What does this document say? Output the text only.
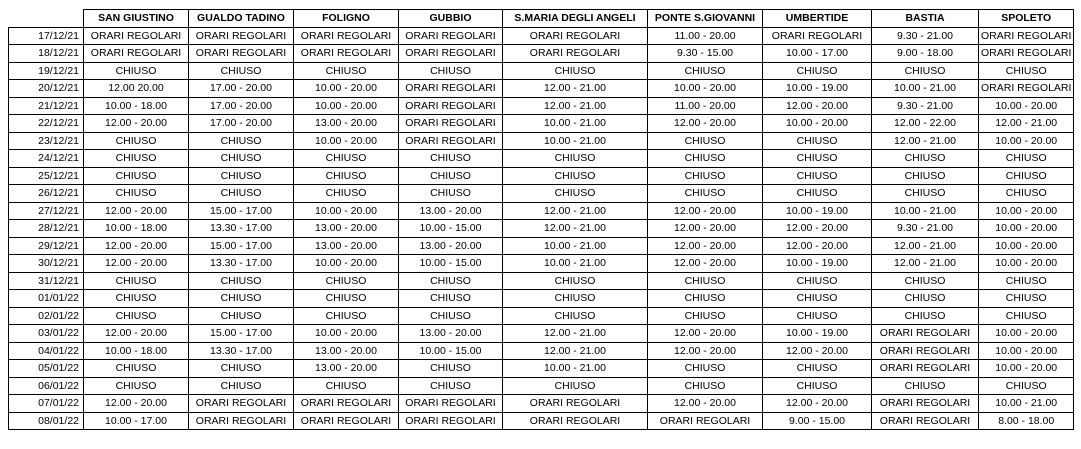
	SAN GIUSTINO	GUALDO TADINO	FOLIGNO	GUBBIO	S.MARIA DEGLI ANGELI	PONTE S.GIOVANNI	UMBERTIDE	BASTIA	SPOLETO
17/12/21	ORARI REGOLARI	ORARI REGOLARI	ORARI REGOLARI	ORARI REGOLARI	ORARI REGOLARI	11.00 - 20.00	ORARI REGOLARI	9.30 - 21.00	ORARI REGOLARI
18/12/21	ORARI REGOLARI	ORARI REGOLARI	ORARI REGOLARI	ORARI REGOLARI	ORARI REGOLARI	9.30 - 15.00	10.00 - 17.00	9.00 - 18.00	ORARI REGOLARI
19/12/21	CHIUSO	CHIUSO	CHIUSO	CHIUSO	CHIUSO	CHIUSO	CHIUSO	CHIUSO	CHIUSO
20/12/21	12.00 20.00	17.00 - 20.00	10.00 - 20.00	ORARI REGOLARI	12.00 - 21.00	10.00 - 20.00	10.00 - 19.00	10.00 - 21.00	ORARI REGOLARI
21/12/21	10.00 - 18.00	17.00 - 20.00	10.00 - 20.00	ORARI REGOLARI	12.00 - 21.00	11.00 - 20.00	12.00 - 20.00	9.30 - 21.00	10.00 - 20.00
22/12/21	12.00 - 20.00	17.00 - 20.00	13.00 - 20.00	ORARI REGOLARI	10.00 - 21.00	12.00 - 20.00	10.00 - 20.00	12.00 - 22.00	12.00 - 21.00
23/12/21	CHIUSO	CHIUSO	10.00 - 20.00	ORARI REGOLARI	10.00 - 21.00	CHIUSO	CHIUSO	12.00 - 21.00	10.00 - 20.00
24/12/21	CHIUSO	CHIUSO	CHIUSO	CHIUSO	CHIUSO	CHIUSO	CHIUSO	CHIUSO	CHIUSO
25/12/21	CHIUSO	CHIUSO	CHIUSO	CHIUSO	CHIUSO	CHIUSO	CHIUSO	CHIUSO	CHIUSO
26/12/21	CHIUSO	CHIUSO	CHIUSO	CHIUSO	CHIUSO	CHIUSO	CHIUSO	CHIUSO	CHIUSO
27/12/21	12.00 - 20.00	15.00 - 17.00	10.00 - 20.00	13.00 - 20.00	12.00 - 21.00	12.00 - 20.00	10.00 - 19.00	10.00 - 21.00	10.00 - 20.00
28/12/21	10.00 - 18.00	13.30 - 17.00	13.00 - 20.00	10.00 - 15.00	12.00 - 21.00	12.00 - 20.00	12.00 - 20.00	9.30 - 21.00	10.00 - 20.00
29/12/21	12.00 - 20.00	15.00 - 17.00	13.00 - 20.00	13.00 - 20.00	10.00 - 21.00	12.00 - 20.00	12.00 - 20.00	12.00 - 21.00	10.00 - 20.00
30/12/21	12.00 - 20.00	13.30 - 17.00	10.00 - 20.00	10.00 - 15.00	10.00 - 21.00	12.00 - 20.00	10.00 - 19.00	12.00 - 21.00	10.00 - 20.00
31/12/21	CHIUSO	CHIUSO	CHIUSO	CHIUSO	CHIUSO	CHIUSO	CHIUSO	CHIUSO	CHIUSO
01/01/22	CHIUSO	CHIUSO	CHIUSO	CHIUSO	CHIUSO	CHIUSO	CHIUSO	CHIUSO	CHIUSO
02/01/22	CHIUSO	CHIUSO	CHIUSO	CHIUSO	CHIUSO	CHIUSO	CHIUSO	CHIUSO	CHIUSO
03/01/22	12.00 - 20.00	15.00 - 17.00	10.00 - 20.00	13.00 - 20.00	12.00 - 21.00	12.00 - 20.00	10.00 - 19.00	ORARI REGOLARI	10.00 - 20.00
04/01/22	10.00 - 18.00	13.30 - 17.00	13.00 - 20.00	10.00 - 15.00	12.00 - 21.00	12.00 - 20.00	12.00 - 20.00	ORARI REGOLARI	10.00 - 20.00
05/01/22	CHIUSO	CHIUSO	13.00 - 20.00	CHIUSO	10.00 - 21.00	CHIUSO	CHIUSO	ORARI REGOLARI	10.00 - 20.00
06/01/22	CHIUSO	CHIUSO	CHIUSO	CHIUSO	CHIUSO	CHIUSO	CHIUSO	CHIUSO	CHIUSO
07/01/22	12.00 - 20.00	ORARI REGOLARI	ORARI REGOLARI	ORARI REGOLARI	ORARI REGOLARI	12.00 - 20.00	12.00 - 20.00	ORARI REGOLARI	10.00 - 21.00
08/01/22	10.00 - 17.00	ORARI REGOLARI	ORARI REGOLARI	ORARI REGOLARI	ORARI REGOLARI	ORARI REGOLARI	9.00 - 15.00	ORARI REGOLARI	8.00 - 18.00
